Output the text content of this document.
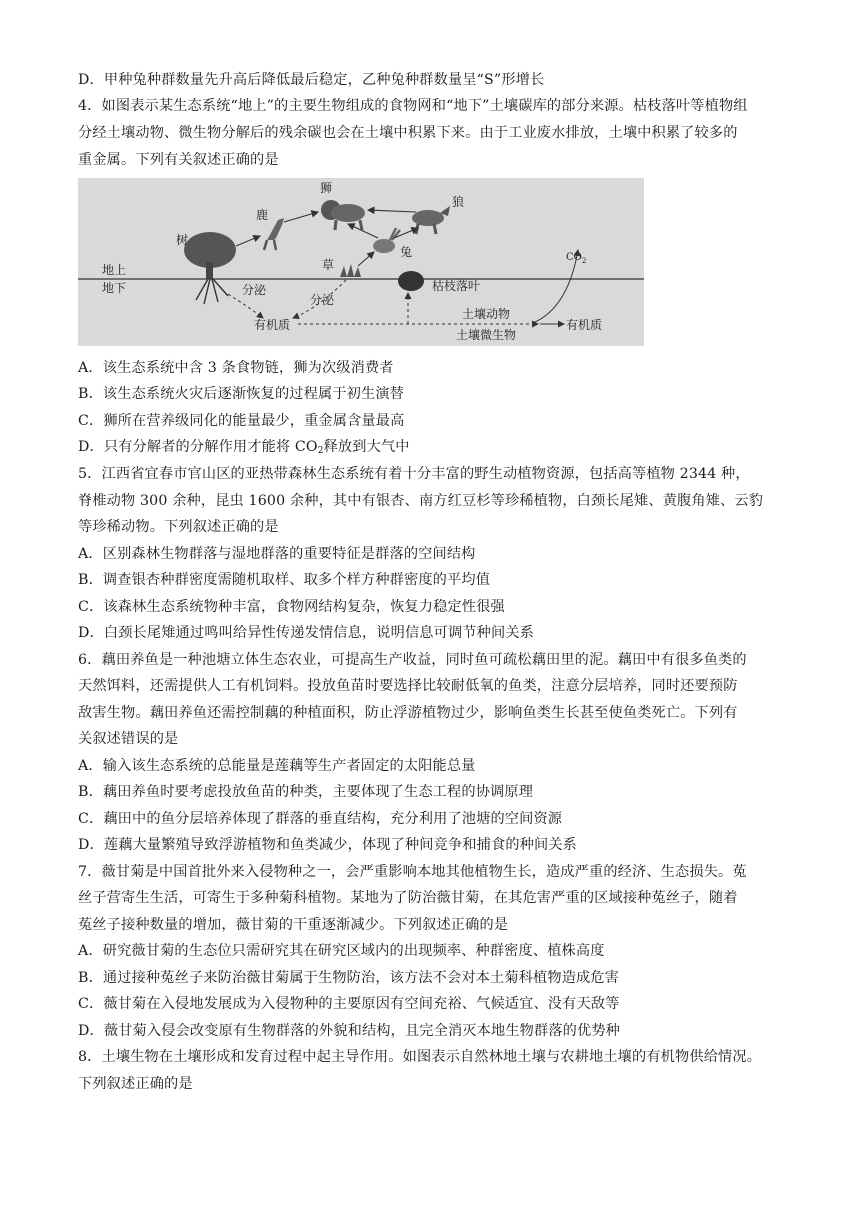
D．甲种兔种群数量先升高后降低最后稳定，乙种兔种群数量呈“S”形增长
4．如图表示某生态系统“地上”的主要生物组成的食物网和“地下”土壤碳库的部分来源。枯枝落叶等植物组
分经土壤动物、微生物分解后的残余碳也会在土壤中积累下来。由于工业废水排放，土壤中积累了较多的
重金属。下列有关叙述正确的是
狮
鹿
狼
树
兔
草
地上
地下	分泌
分泌
枯枝落叶
有机质
土壤动物
土壤微生物
有机质
$CO_2$
A．该生态系统中含 3 条食物链，狮为次级消费者
B．该生态系统火灾后逐渐恢复的过程属于初生演替
C．狮所在营养级同化的能量最少，重金属含量最高
D．只有分解者的分解作用才能将 $CO_2$释放到大气中
5．江西省宜春市官山区的亚热带森林生态系统有着十分丰富的野生动植物资源，包括高等植物 2344 种，
脊椎动物 300 余种，昆虫 1600 余种，其中有银杏、南方红豆杉等珍稀植物，白颈长尾雉、黄腹角雉、云豹
等珍稀动物。下列叙述正确的是
A．区别森林生物群落与湿地群落的重要特征是群落的空间结构
B．调查银杏种群密度需随机取样、取多个样方种群密度的平均值
C．该森林生态系统物种丰富，食物网结构复杂，恢复力稳定性很强
D．白颈长尾雉通过鸣叫给异性传递发情信息，说明信息可调节种间关系
6．藕田养鱼是一种池塘立体生态农业，可提高生产收益，同时鱼可疏松藕田里的泥。藕田中有很多鱼类的
天然饵料，还需提供人工有机饲料。投放鱼苗时要选择比较耐低氧的鱼类，注意分层培养，同时还要预防
敌害生物。藕田养鱼还需控制藕的种植面积，防止浮游植物过少，影响鱼类生长甚至使鱼类死亡。下列有
关叙述错误的是
A．输入该生态系统的总能量是莲藕等生产者固定的太阳能总量
B．藕田养鱼时要考虑投放鱼苗的种类，主要体现了生态工程的协调原理
C．藕田中的鱼分层培养体现了群落的垂直结构，充分利用了池塘的空间资源
D．莲藕大量繁殖导致浮游植物和鱼类减少，体现了种间竞争和捕食的种间关系
7．薇甘菊是中国首批外来入侵物种之一，会严重影响本地其他植物生长，造成严重的经济、生态损失。菟
丝子营寄生生活，可寄生于多种菊科植物。某地为了防治薇甘菊，在其危害严重的区域接种菟丝子，随着
菟丝子接种数量的增加，薇甘菊的干重逐渐减少。下列叙述正确的是
A．研究薇甘菊的生态位只需研究其在研究区域内的出现频率、种群密度、植株高度
B．通过接种菟丝子来防治薇甘菊属于生物防治，该方法不会对本土菊科植物造成危害
C．薇甘菊在入侵地发展成为入侵物种的主要原因有空间充裕、气候适宜、没有天敌等
D．薇甘菊入侵会改变原有生物群落的外貌和结构，且完全消灭本地生物群落的优势种
8．土壤生物在土壤形成和发育过程中起主导作用。如图表示自然林地土壤与农耕地土壤的有机物供给情况。
下列叙述正确的是
